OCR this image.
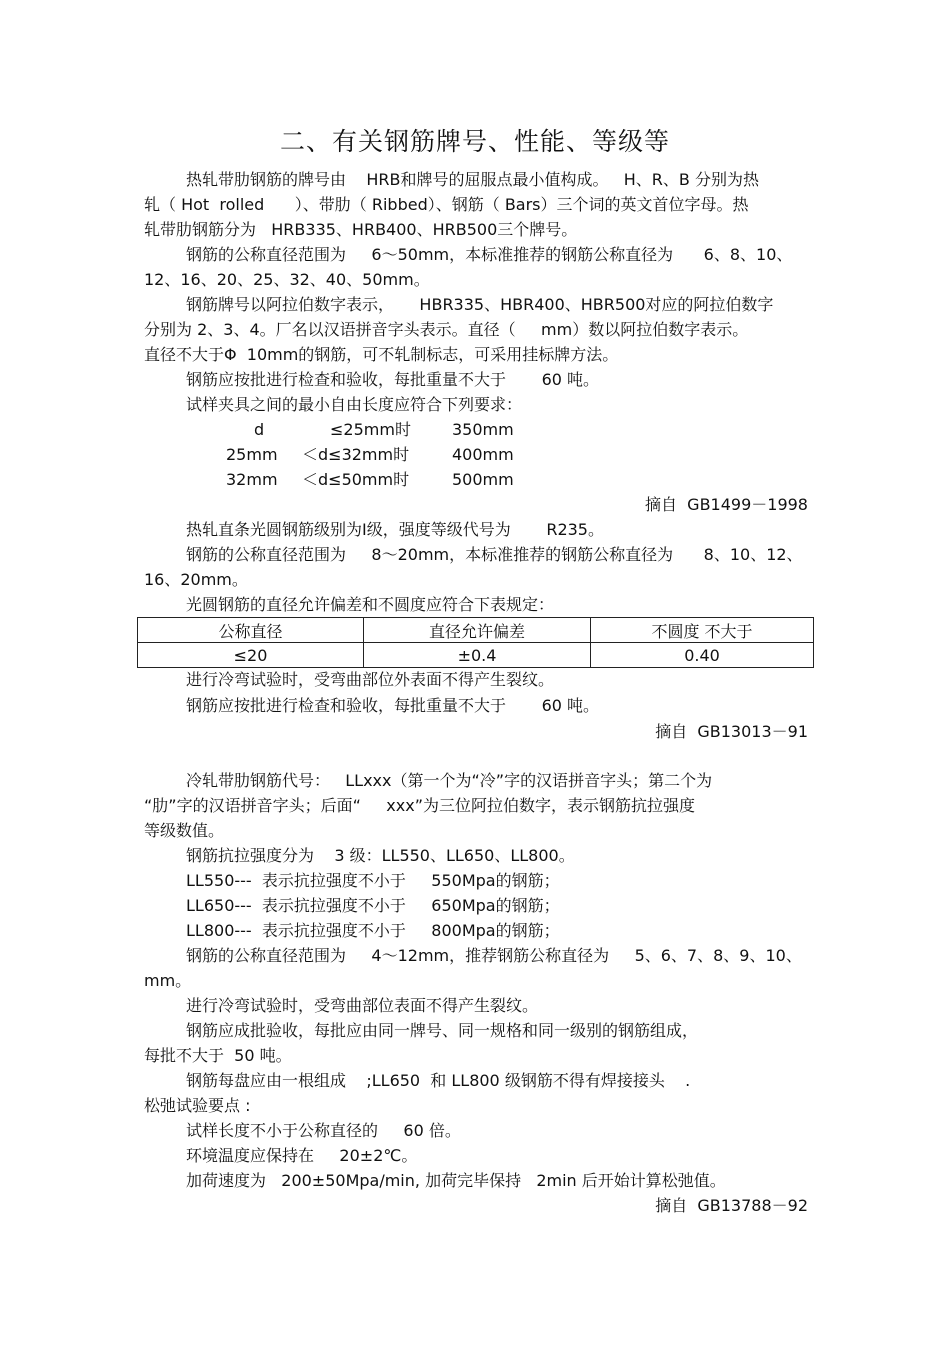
二、有关钢筋牌号、性能、等级等
热轧带肋钢筋的牌号由    HRB和牌号的屈服点最小值构成。   H、R、B 分别为热
轧（ Hot  rolled      ）、带肋（ Ribbed）、钢筋（ Bars）三个词的英文首位字母。热
轧带肋钢筋分为   HRB335、HRB400、HRB500三个牌号。
钢筋的公称直径范围为     6～50mm，本标准推荐的钢筋公称直径为      6、8、10、
12、16、20、25、32、40、50mm。
钢筋牌号以阿拉伯数字表示，     HBR335、HBR400、HBR500对应的阿拉伯数字
分别为 2、3、4。厂名以汉语拼音字头表示。直径（     mm）数以阿拉伯数字表示。
直径不大于Φ  10mm的钢筋，可不轧制标志，可采用挂标牌方法。
钢筋应按批进行检查和验收，每批重量不大于       60 吨。
试样夹具之间的最小自由长度应符合下列要求：
d	≤25mm时	350mm
25mm ＜d≤32mm时	400mm
32mm ＜d≤50mm时	500mm
摘自  GB1499－1998
热轧直条光圆钢筋级别为Ⅰ级，强度等级代号为       R235。
钢筋的公称直径范围为     8～20mm，本标准推荐的钢筋公称直径为      8、10、12、
16、20mm。
光圆钢筋的直径允许偏差和不圆度应符合下表规定：
公称直径	直径允许偏差	不圆度 不大于
≤20	±0.4	0.40
进行冷弯试验时，受弯曲部位外表面不得产生裂纹。
钢筋应按批进行检查和验收，每批重量不大于       60 吨。
摘自  GB13013－91
冷轧带肋钢筋代号：   LLxxx（第一个为“冷”字的汉语拼音字头；第二个为
“肋”字的汉语拼音字头；后面“     xxx”为三位阿拉伯数字，表示钢筋抗拉强度
等级数值。
钢筋抗拉强度分为    3 级：LL550、LL650、LL800。
LL550---  表示抗拉强度不小于     550Mpa的钢筋；
LL650---  表示抗拉强度不小于     650Mpa的钢筋；
LL800---  表示抗拉强度不小于     800Mpa的钢筋；
钢筋的公称直径范围为     4～12mm，推荐钢筋公称直径为     5、6、7、8、9、10、
mm。
进行冷弯试验时，受弯曲部位表面不得产生裂纹。
钢筋应成批验收，每批应由同一牌号、同一规格和同一级别的钢筋组成，
每批不大于  50 吨。
钢筋每盘应由一根组成    ;LL650  和 LL800 级钢筋不得有焊接接头    .
松弛试验要点 :
试样长度不小于公称直径的     60 倍。
环境温度应保持在     20±2℃。
加荷速度为   200±50Mpa/min, 加荷完毕保持   2min 后开始计算松弛值。
摘自  GB13788－92
